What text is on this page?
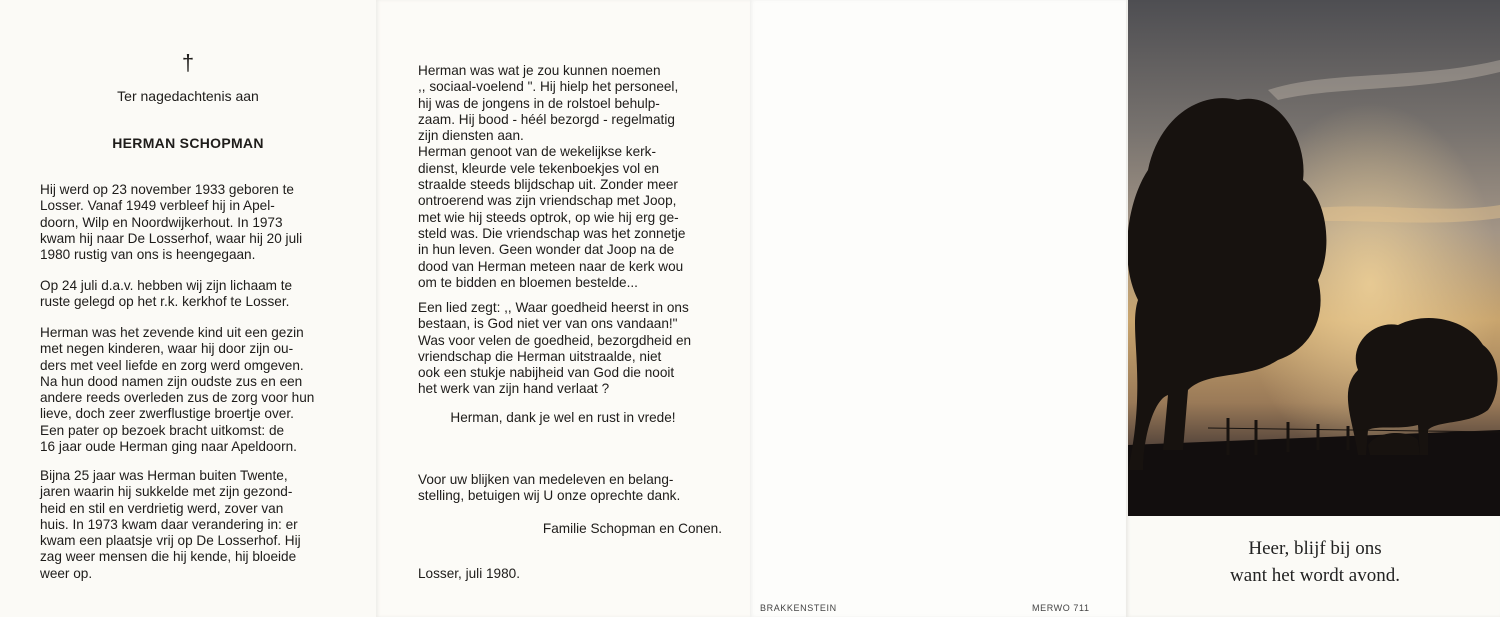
†
Ter nagedachtenis aan
HERMAN SCHOPMAN
Hij werd op 23 november 1933 geboren te
Losser. Vanaf 1949 verbleef hij in Apel-
doorn, Wilp en Noordwijkerhout. In 1973
kwam hij naar De Losserhof, waar hij 20 juli
1980 rustig van ons is heengegaan.
Op 24 juli d.a.v. hebben wij zijn lichaam te
ruste gelegd op het r.k. kerkhof te Losser.
Herman was het zevende kind uit een gezin
met negen kinderen, waar hij door zijn ou-
ders met veel liefde en zorg werd omgeven.
Na hun dood namen zijn oudste zus en een
andere reeds overleden zus de zorg voor hun
lieve, doch zeer zwerflustige broertje over.
Een pater op bezoek bracht uitkomst: de
16 jaar oude Herman ging naar Apeldoorn.
Bijna 25 jaar was Herman buiten Twente,
jaren waarin hij sukkelde met zijn gezond-
heid en stil en verdrietig werd, zover van
huis. In 1973 kwam daar verandering in: er
kwam een plaatsje vrij op De Losserhof. Hij
zag weer mensen die hij kende, hij bloeide
weer op.
Herman was wat je zou kunnen noemen
,, sociaal-voelend ". Hij hielp het personeel,
hij was de jongens in de rolstoel behulp-
zaam. Hij bood - héél bezorgd - regelmatig
zijn diensten aan.
Herman genoot van de wekelijkse kerk-
dienst, kleurde vele tekenboekjes vol en
straalde steeds blijdschap uit. Zonder meer
ontroerend was zijn vriendschap met Joop,
met wie hij steeds optrok, op wie hij erg ge-
steld was. Die vriendschap was het zonnetje
in hun leven. Geen wonder dat Joop na de
dood van Herman meteen naar de kerk wou
om te bidden en bloemen bestelde...
Een lied zegt: ,, Waar goedheid heerst in ons
bestaan, is God niet ver van ons vandaan!"
Was voor velen de goedheid, bezorgdheid en
vriendschap die Herman uitstraalde, niet
ook een stukje nabijheid van God die nooit
het werk van zijn hand verlaat ?
Herman, dank je wel en rust in vrede!
Voor uw blijken van medeleven en belang-
stelling, betuigen wij U onze oprechte dank.
Familie Schopman en Conen.
Losser, juli 1980.
BRAKKENSTEIN	MERWO 711
Heer, blijf bij ons
want het wordt avond.
